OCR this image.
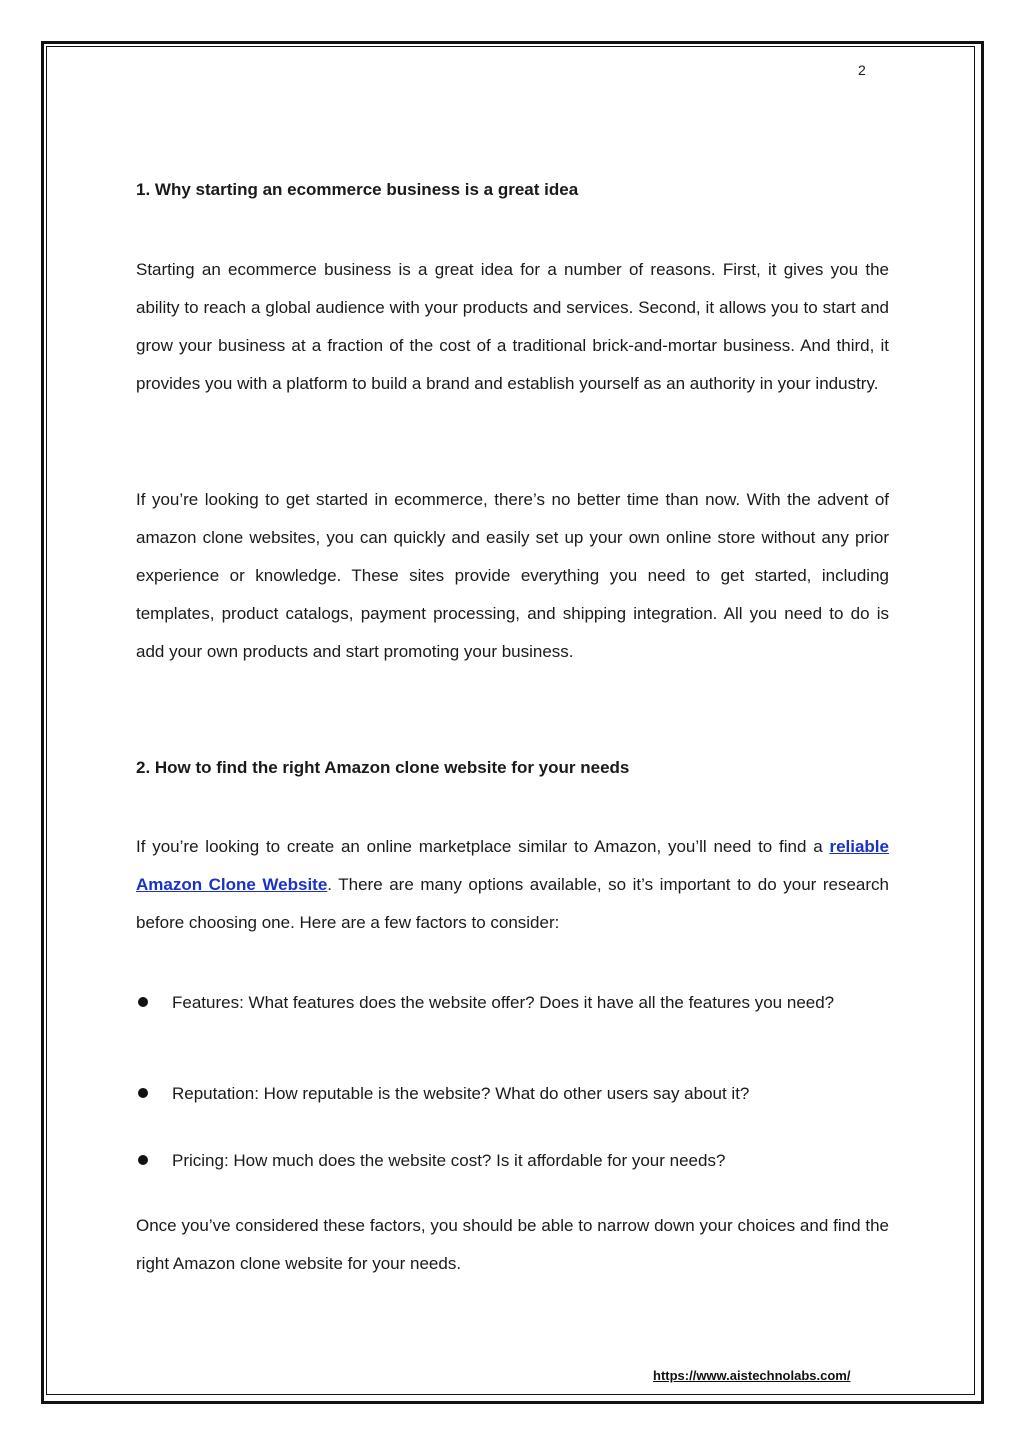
2
1. Why starting an ecommerce business is a great idea
Starting an ecommerce business is a great idea for a number of reasons. First, it gives you the ability to reach a global audience with your products and services. Second, it allows you to start and grow your business at a fraction of the cost of a traditional brick-and-mortar business. And third, it provides you with a platform to build a brand and establish yourself as an authority in your industry.
If you’re looking to get started in ecommerce, there’s no better time than now. With the advent of amazon clone websites, you can quickly and easily set up your own online store without any prior experience or knowledge. These sites provide everything you need to get started, including templates, product catalogs, payment processing, and shipping integration. All you need to do is add your own products and start promoting your business.
2. How to find the right Amazon clone website for your needs
If you’re looking to create an online marketplace similar to Amazon, you’ll need to find a reliable Amazon Clone Website. There are many options available, so it’s important to do your research before choosing one. Here are a few factors to consider:
Features: What features does the website offer? Does it have all the features you need?
Reputation: How reputable is the website? What do other users say about it?
Pricing: How much does the website cost? Is it affordable for your needs?
Once you’ve considered these factors, you should be able to narrow down your choices and find the right Amazon clone website for your needs.
https://www.aistechnolabs.com/
